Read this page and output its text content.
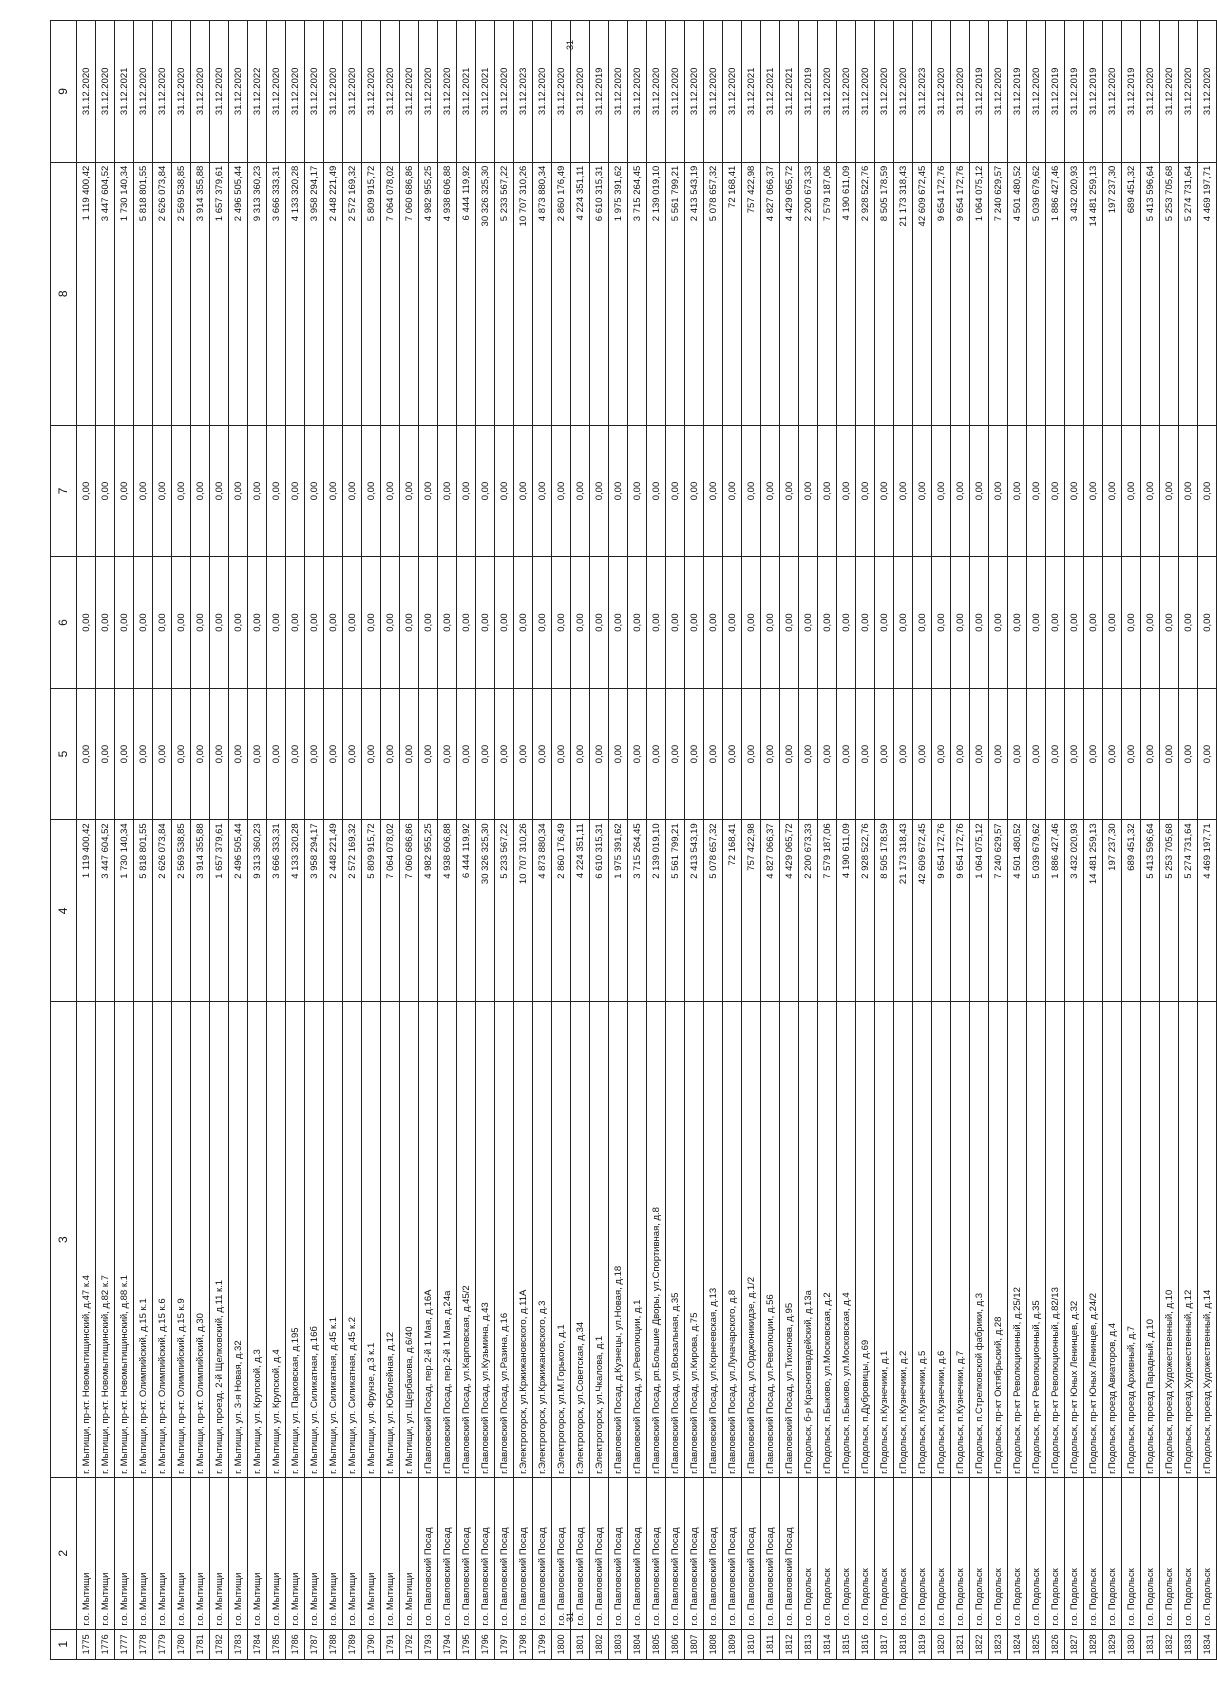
31
1	2	3	4	5	6	7	8	9
1775	г.о. Мытищи	г. Мытищи, пр-кт. Новомытищинский, д.47 к.4	1 119 400,42	0,00	0,00	0,00	1 119 400,42	31.12.2020
1776	г.о. Мытищи	г. Мытищи, пр-кт. Новомытищинский, д.82 к.7	3 447 604,52	0,00	0,00	0,00	3 447 604,52	31.12.2020
1777	г.о. Мытищи	г. Мытищи, пр-кт. Новомытищинский, д.88 к.1	1 730 140,34	0,00	0,00	0,00	1 730 140,34	31.12.2021
1778	г.о. Мытищи	г. Мытищи, пр-кт. Олимпийский, д.15 к.1	5 818 801,55	0,00	0,00	0,00	5 818 801,55	31.12.2020
1779	г.о. Мытищи	г. Мытищи, пр-кт. Олимпийский, д.15 к.6	2 626 073,84	0,00	0,00	0,00	2 626 073,84	31.12.2020
1780	г.о. Мытищи	г. Мытищи, пр-кт. Олимпийский, д.15 к.9	2 569 538,85	0,00	0,00	0,00	2 569 538,85	31.12.2020
1781	г.о. Мытищи	г. Мытищи, пр-кт. Олимпийский, д.30	3 914 355,88	0,00	0,00	0,00	3 914 355,88	31.12.2020
1782	г.о. Мытищи	г. Мытищи, проезд. 2-й Щелковский, д.11 к.1	1 657 379,61	0,00	0,00	0,00	1 657 379,61	31.12.2020
1783	г.о. Мытищи	г. Мытищи, ул. 3-я Новая, д.32	2 496 505,44	0,00	0,00	0,00	2 496 505,44	31.12.2020
1784	г.о. Мытищи	г. Мытищи, ул. Крупской, д.3	9 313 360,23	0,00	0,00	0,00	9 313 360,23	31.12.2022
1785	г.о. Мытищи	г. Мытищи, ул. Крупской, д.4	3 666 333,31	0,00	0,00	0,00	3 666 333,31	31.12.2020
1786	г.о. Мытищи	г. Мытищи, ул. Парковская, д.195	4 133 320,28	0,00	0,00	0,00	4 133 320,28	31.12.2020
1787	г.о. Мытищи	г. Мытищи, ул. Силикатная, д.16б	3 958 294,17	0,00	0,00	0,00	3 958 294,17	31.12.2020
1788	г.о. Мытищи	г. Мытищи, ул. Силикатная, д.45 к.1	2 448 221,49	0,00	0,00	0,00	2 448 221,49	31.12.2020
1789	г.о. Мытищи	г. Мытищи, ул. Силикатная, д.45 к.2	2 572 169,32	0,00	0,00	0,00	2 572 169,32	31.12.2020
1790	г.о. Мытищи	г. Мытищи, ул. Фрунзе, д.3 к.1	5 809 915,72	0,00	0,00	0,00	5 809 915,72	31.12.2020
1791	г.о. Мытищи	г. Мытищи, ул. Юбилейная, д.12	7 064 078,02	0,00	0,00	0,00	7 064 078,02	31.12.2020
1792	г.о. Мытищи	г. Мытищи, ул. Щербакова, д.6/40	7 060 686,86	0,00	0,00	0,00	7 060 686,86	31.12.2020
1793	г.о. Павловский Посад	г.Павловский Посад, пер.2-й 1 Мая, д.16А	4 982 955,25	0,00	0,00	0,00	4 982 955,25	31.12.2020
1794	г.о. Павловский Посад	г.Павловский Посад, пер.2-й 1 Мая, д.24а	4 938 606,88	0,00	0,00	0,00	4 938 606,88	31.12.2020
1795	г.о. Павловский Посад	г.Павловский Посад, ул.Карповская, д.45/2	6 444 119,92	0,00	0,00	0,00	6 444 119,92	31.12.2021
1796	г.о. Павловский Посад	г.Павловский Посад, ул.Кузьмина, д.43	30 326 325,30	0,00	0,00	0,00	30 326 325,30	31.12.2021
1797	г.о. Павловский Посад	г.Павловский Посад, ул.Разина, д.16	5 233 567,22	0,00	0,00	0,00	5 233 567,22	31.12.2020
1798	г.о. Павловский Посад	г.Электрогорск, ул.Кржижановского, д.11А	10 707 310,26	0,00	0,00	0,00	10 707 310,26	31.12.2023
1799	г.о. Павловский Посад	г.Электрогорск, ул.Кржижановского, д.3	4 873 880,34	0,00	0,00	0,00	4 873 880,34	31.12.2020
1800	г.о. Павловский Посад	г.Электрогорск, ул.М.Горького, д.1	2 860 176,49	0,00	0,00	0,00	2 860 176,49	31.12.2020
1801	г.о. Павловский Посад	г.Электрогорск, ул.Советская, д.34	4 224 351,11	0,00	0,00	0,00	4 224 351,11	31.12.2020
1802	г.о. Павловский Посад	г.Электрогорск, ул.Чкалова, д.1	6 610 315,31	0,00	0,00	0,00	6 610 315,31	31.12.2019
1803	г.о. Павловский Посад	г.Павловский Посад, д.Кузнецы, ул.Новая, д.18	1 975 391,62	0,00	0,00	0,00	1 975 391,62	31.12.2020
1804	г.о. Павловский Посад	г.Павловский Посад, ул.Революции, д.1	3 715 264,45	0,00	0,00	0,00	3 715 264,45	31.12.2020
1805	г.о. Павловский Посад	г.Павловский Посад, рп.Большие Дворы, ул.Спортивная, д.8	2 139 019,10	0,00	0,00	0,00	2 139 019,10	31.12.2020
1806	г.о. Павловский Посад	г.Павловский Посад, ул.Вокзальная, д.35	5 561 799,21	0,00	0,00	0,00	5 561 799,21	31.12.2020
1807	г.о. Павловский Посад	г.Павловский Посад, ул.Кирова, д.75	2 413 543,19	0,00	0,00	0,00	2 413 543,19	31.12.2020
1808	г.о. Павловский Посад	г.Павловский Посад, ул.Корнеевская, д.13	5 078 657,32	0,00	0,00	0,00	5 078 657,32	31.12.2020
1809	г.о. Павловский Посад	г.Павловский Посад, ул.Луначарского, д.8	72 168,41	0,00	0,00	0,00	72 168,41	31.12.2020
1810	г.о. Павловский Посад	г.Павловский Посад, ул.Орджоникидзе, д.1/2	757 422,98	0,00	0,00	0,00	757 422,98	31.12.2021
1811	г.о. Павловский Посад	г.Павловский Посад, ул.Революции, д.56	4 827 066,37	0,00	0,00	0,00	4 827 066,37	31.12.2021
1812	г.о. Павловский Посад	г.Павловский Посад, ул.Тихонова, д.95	4 429 065,72	0,00	0,00	0,00	4 429 065,72	31.12.2021
1813	г.о. Подольск	г.Подольск, б-р Красногвардейский, д.13а	2 200 673,33	0,00	0,00	0,00	2 200 673,33	31.12.2019
1814	г.о. Подольск	г.Подольск, п.Быково, ул.Московская, д.2	7 579 187,06	0,00	0,00	0,00	7 579 187,06	31.12.2020
1815	г.о. Подольск	г.Подольск, п.Быково, ул.Московская, д.4	4 190 611,09	0,00	0,00	0,00	4 190 611,09	31.12.2020
1816	г.о. Подольск	г.Подольск, п.Дубровицы, д.69	2 928 522,76	0,00	0,00	0,00	2 928 522,76	31.12.2020
1817	г.о. Подольск	г.Подольск, п.Кузнечики, д.1	8 505 178,59	0,00	0,00	0,00	8 505 178,59	31.12.2020
1818	г.о. Подольск	г.Подольск, п.Кузнечики, д.2	21 173 318,43	0,00	0,00	0,00	21 173 318,43	31.12.2020
1819	г.о. Подольск	г.Подольск, п.Кузнечики, д.5	42 609 672,45	0,00	0,00	0,00	42 609 672,45	31.12.2023
1820	г.о. Подольск	г.Подольск, п.Кузнечики, д.6	9 654 172,76	0,00	0,00	0,00	9 654 172,76	31.12.2020
1821	г.о. Подольск	г.Подольск, п.Кузнечики, д.7	9 654 172,76	0,00	0,00	0,00	9 654 172,76	31.12.2020
1822	г.о. Подольск	г.Подольск, п.Стрелковской фабрики, д.3	1 064 075,12	0,00	0,00	0,00	1 064 075,12	31.12.2019
1823	г.о. Подольск	г.Подольск, пр-кт Октябрьский, д.28	7 240 629,57	0,00	0,00	0,00	7 240 629,57	31.12.2020
1824	г.о. Подольск	г.Подольск, пр-кт Революционный, д.25/12	4 501 480,52	0,00	0,00	0,00	4 501 480,52	31.12.2019
1825	г.о. Подольск	г.Подольск, пр-кт Революционный, д.35	5 039 679,62	0,00	0,00	0,00	5 039 679,62	31.12.2020
1826	г.о. Подольск	г.Подольск, пр-кт Революционный, д.82/13	1 886 427,46	0,00	0,00	0,00	1 886 427,46	31.12.2019
1827	г.о. Подольск	г.Подольск, пр-кт Юных Ленинцев, д.32	3 432 020,93	0,00	0,00	0,00	3 432 020,93	31.12.2019
1828	г.о. Подольск	г.Подольск, пр-кт Юных Ленинцев, д.24/2	14 481 259,13	0,00	0,00	0,00	14 481 259,13	31.12.2019
1829	г.о. Подольск	г.Подольск, проезд Авиаторов, д.4	197 237,30	0,00	0,00	0,00	197 237,30	31.12.2020
1830	г.о. Подольск	г.Подольск, проезд Архивный, д.7	689 451,32	0,00	0,00	0,00	689 451,32	31.12.2019
1831	г.о. Подольск	г.Подольск, проезд Парадный, д.10	5 413 596,64	0,00	0,00	0,00	5 413 596,64	31.12.2020
1832	г.о. Подольск	г.Подольск, проезд Художественный, д.10	5 253 705,68	0,00	0,00	0,00	5 253 705,68	31.12.2020
1833	г.о. Подольск	г.Подольск, проезд Художественный, д.12	5 274 731,64	0,00	0,00	0,00	5 274 731,64	31.12.2020
1834	г.о. Подольск	г.Подольск, проезд Художественный, д.14	4 469 197,71	0,00	0,00	0,00	4 469 197,71	31.12.2020
31
